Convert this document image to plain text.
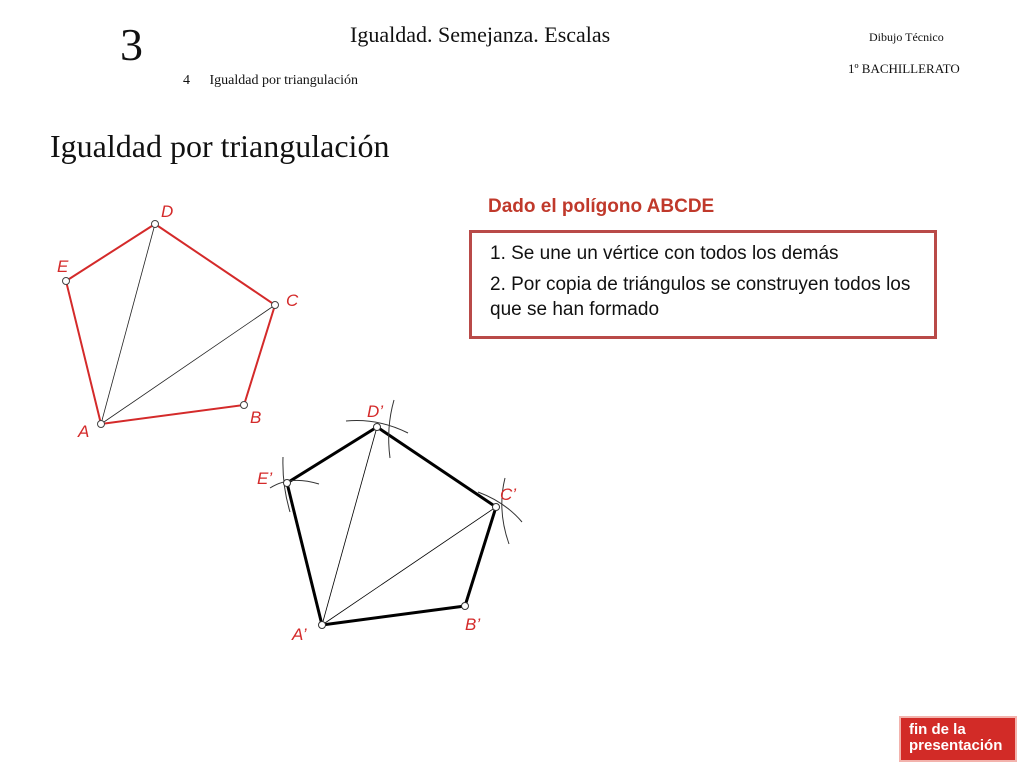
3	Igualdad. Semejanza. Escalas
4 Igualdad por triangulación
Dibujo Técnico
1º BACHILLERATO
Igualdad por triangulación
Dado el polígono ABCDE
1. Se une un vértice con todos los demás
2. Por copia de triángulos se construyen todos los que se han formado
A
B
C
D
E
A’
B’
C’
D’
E’
fin de la
presentación
